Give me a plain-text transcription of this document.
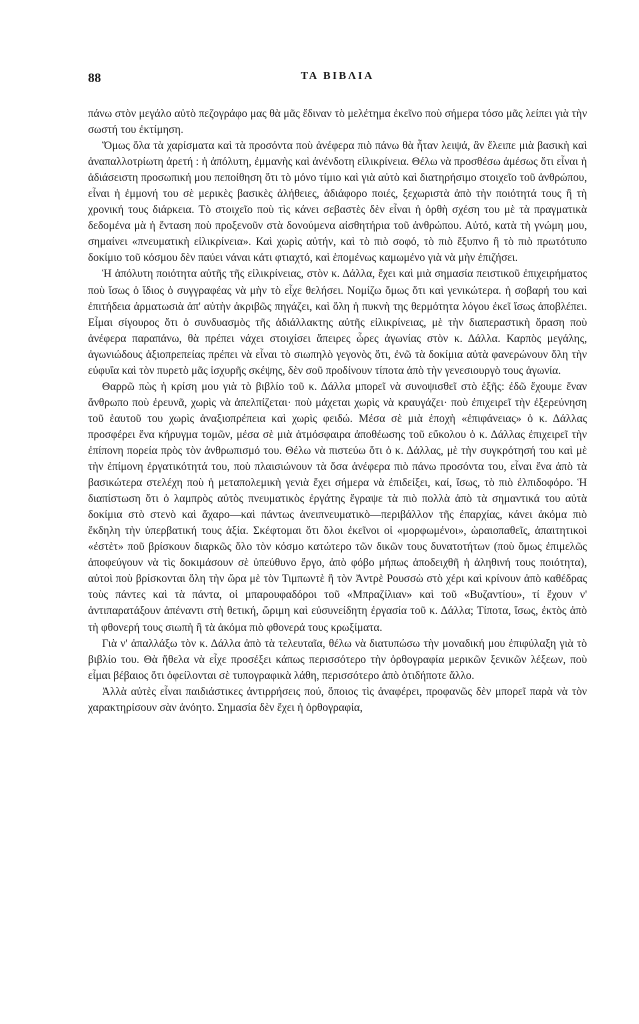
88	ΤΑ ΒΙΒΛΙΑ

πάνω στὸν μεγάλο αὐτὸ πεζογράφο μας θὰ μᾶς ἔδιναν τὸ μελέτημα ἐκεῖνο ποὺ σήμερα τόσο μᾶς λείπει γιὰ τὴν σωστή του ἐκτίμηση.

Ὅμως ὅλα τὰ χαρίσματα καὶ τὰ προσόντα ποὺ ἀνέφερα πιὸ πάνω θὰ ἦταν λειψά, ἂν ἔλειπε μιὰ βασικὴ καὶ ἀναπαλλοτρίωτη ἀρετή : ἡ ἀπόλυτη, ἐμμανὴς καὶ ἀνένδοτη εἰλικρίνεια. Θέλω νὰ προσθέσω ἀμέσως ὅτι εἶναι ἡ ἀδιάσειστη προσωπική μου πεποίθηση ὅτι τὸ μόνο τίμιο καὶ γιὰ αὐτὸ καὶ διατηρήσιμο στοιχεῖο τοῦ ἀνθρώπου, εἶναι ἡ ἐμμονή του σὲ μερικὲς βασικὲς ἀλήθειες, ἀδιάφορο ποιές, ξεχωριστὰ ἀπὸ τὴν ποιότητά τους ἢ τὴ χρονική τους διάρκεια. Τὸ στοιχεῖο ποὺ τὶς κάνει σεβαστὲς δὲν εἶναι ἡ ὀρθὴ σχέση του μὲ τὰ πραγματικὰ δεδομένα μὰ ἡ ἔνταση ποὺ προξενοῦν στὰ δονούμενα αἰσθητήρια τοῦ ἀνθρώπου. Αὐτό, κατὰ τὴ γνώμη μου, σημαίνει «πνευματικὴ εἰλικρίνεια». Καὶ χωρὶς αὐτήν, καὶ τὸ πιὸ σοφό, τὸ πιὸ ἔξυπνο ἢ τὸ πιὸ πρωτότυπο δοκίμιο τοῦ κόσμου δὲν παύει νάναι κάτι φτιαχτό, καὶ ἑπομένως καμωμένο γιὰ νὰ μὴν ἐπιζήσει.

Ἡ ἀπόλυτη ποιότητα αὐτῆς τῆς εἰλικρίνειας, στὸν κ. Δάλλα, ἔχει καὶ μιὰ σημασία πειστικοῦ ἐπιχειρήματος ποὺ ἴσως ὁ ἴδιος ὁ συγγραφέας νὰ μὴν τὸ εἶχε θελήσει. Νομίζω ὅμως ὅτι καὶ γενικώτερα. ἡ σοβαρή του καὶ ἐπιτήδεια ἀρματωσιὰ ἀπ' αὐτὴν ἀκριβῶς πηγάζει, καὶ ὅλη ἡ πυκνὴ της θερμότητα λόγου ἐκεῖ ἴσως ἀποβλέπει. Εἶμαι σίγουρος ὅτι ὁ συνδυασμὸς τῆς ἀδιάλλακτης αὐτῆς εἰλικρίνειας, μὲ τὴν διαπεραστικὴ ὅραση ποὺ ἀνέφερα παραπάνω, θὰ πρέπει νάχει στοιχίσει ἄπειρες ὧρες ἀγωνίας στὸν κ. Δάλλα. Καρπὸς μεγάλης, ἀγωνιώδους ἀξιοπρεπείας πρέπει νὰ εἶναι τὸ σιωπηλὸ γεγονὸς ὅτι, ἐνῶ τὰ δοκίμια αὐτὰ φανερώνουν ὅλη τὴν εὐφυΐα καὶ τὸν πυρετὸ μᾶς ἰσχυρῆς σκέψης, δὲν σοῦ προδίνουν τίποτα ἀπὸ τὴν γενεσιουργὸ τους ἀγωνία.

Θαρρῶ πὼς ἡ κρίση μου γιὰ τὸ βιβλίο τοῦ κ. Δάλλα μπορεῖ νὰ συνοψισθεῖ στὸ ἑξῆς: ἐδῶ ἔχουμε ἕναν ἄνθρωπο ποὺ ἐρευνᾶ, χωρὶς νὰ ἀπελπίζεται· ποὺ μάχεται χωρὶς νὰ κραυγάζει· ποὺ ἐπιχειρεῖ τὴν ἐξερεύνηση τοῦ ἑαυτοῦ του χωρὶς ἀναξιοπρέπεια καὶ χωρὶς φειδώ. Μέσα σὲ μιὰ ἐποχὴ «ἐπιφάνειας» ὁ κ. Δάλλας προσφέρει ἕνα κήρυγμα τομῶν, μέσα σὲ μιὰ ἀτμόσφαιρα ἀποθέωσης τοῦ εὔκολου ὁ κ. Δάλλας ἐπιχειρεῖ τὴν ἐπίπονη πορεία πρὸς τὸν ἀνθρωπισμό του. Θέλω νὰ πιστεύω ὅτι ὁ κ. Δάλλας, μὲ τὴν συγκρότησή του καὶ μὲ τὴν ἐπίμονη ἐργατικότητά του, ποὺ πλαισιώνουν τὰ ὅσα ἀνέφερα πιὸ πάνω προσόντα του, εἶναι ἕνα ἀπὸ τὰ βασικώτερα στελέχη ποὺ ἡ μεταπολεμικὴ γενιὰ ἔχει σήμερα νὰ ἐπιδείξει, καί, ἴσως, τὸ πιὸ ἐλπιδοφόρο. Ἡ διαπίστωση ὅτι ὁ λαμπρὸς αὐτὸς πνευματικὸς ἐργάτης ἔγραψε τὰ πιὸ πολλὰ ἀπὸ τὰ σημαντικά του αὐτὰ δοκίμια στὸ στενὸ καὶ ἄχαρο—καὶ πάντως ἀνειπνευματικὸ—περιβάλλον τῆς ἐπαρχίας, κάνει ἀκόμα πιὸ ἔκδηλη τὴν ὑπερβατική τους ἀξία. Σκέφτομαι ὅτι ὅλοι ἐκεῖνοι οἱ «μορφωμένοι», ὡραιοπαθεῖς, ἀπαιτητικοὶ «ἐστὲτ» ποῦ βρίσκουν διαρκῶς ὅλο τὸν κόσμο κατώτερο τῶν δικῶν τους δυνατοτήτων (ποὺ ὅμως ἐπιμελῶς ἀποφεύγουν νὰ τὶς δοκιμάσουν σὲ ὑπεύθυνο ἔργο, ἀπὸ φόβο μήπως ἀποδειχθῆ ἡ ἀληθινή τους ποιότητα), αὐτοὶ ποὺ βρίσκονται ὅλη τὴν ὥρα μὲ τὸν Τιμπωντὲ ἢ τὸν Ἀντρὲ Ρουσσὼ στὸ χέρι καὶ κρίνουν ἀπὸ καθέδρας τοὺς πάντες καὶ τὰ πάντα, οἱ μπαρουφαδόροι τοῦ «Μπραζίλιαν» καὶ τοῦ «Βυζαντίου», τί ἔχουν ν' ἀντιπαρατάξουν ἀπέναντι στὴ θετική, ὥριμη καὶ εὐσυνείδητη ἐργασία τοῦ κ. Δάλλα; Τίποτα, ἴσως, ἐκτὸς ἀπὸ τὴ φθονερή τους σιωπὴ ἢ τὰ ἀκόμα πιὸ φθονερά τους κρωξίματα.

Γιὰ ν' ἀπαλλάξω τὸν κ. Δάλλα ἀπὸ τὰ τελευταῖα, θέλω νὰ διατυπώσω τὴν μοναδική μου ἐπιφύλαξη γιὰ τὸ βιβλίο του. Θὰ ἤθελα νὰ εἶχε προσέξει κάπως περισσότερο τὴν ὀρθογραφία μερικῶν ξενικῶν λέξεων, ποὺ εἶμαι βέβαιος ὅτι ὀφείλονται σὲ τυπογραφικὰ λάθη, περισσότερο ἀπὸ ὁτιδήποτε ἄλλο.

Ἀλλὰ αὐτὲς εἶναι παιδιάστικες ἀντιρρήσεις πού, ὅποιος τὶς ἀναφέρει, προφανῶς δὲν μπορεῖ παρὰ νὰ τὸν χαρακτηρίσουν σὰν ἀνόητο. Σημασία δὲν ἔχει ἡ ὀρθογραφία,
